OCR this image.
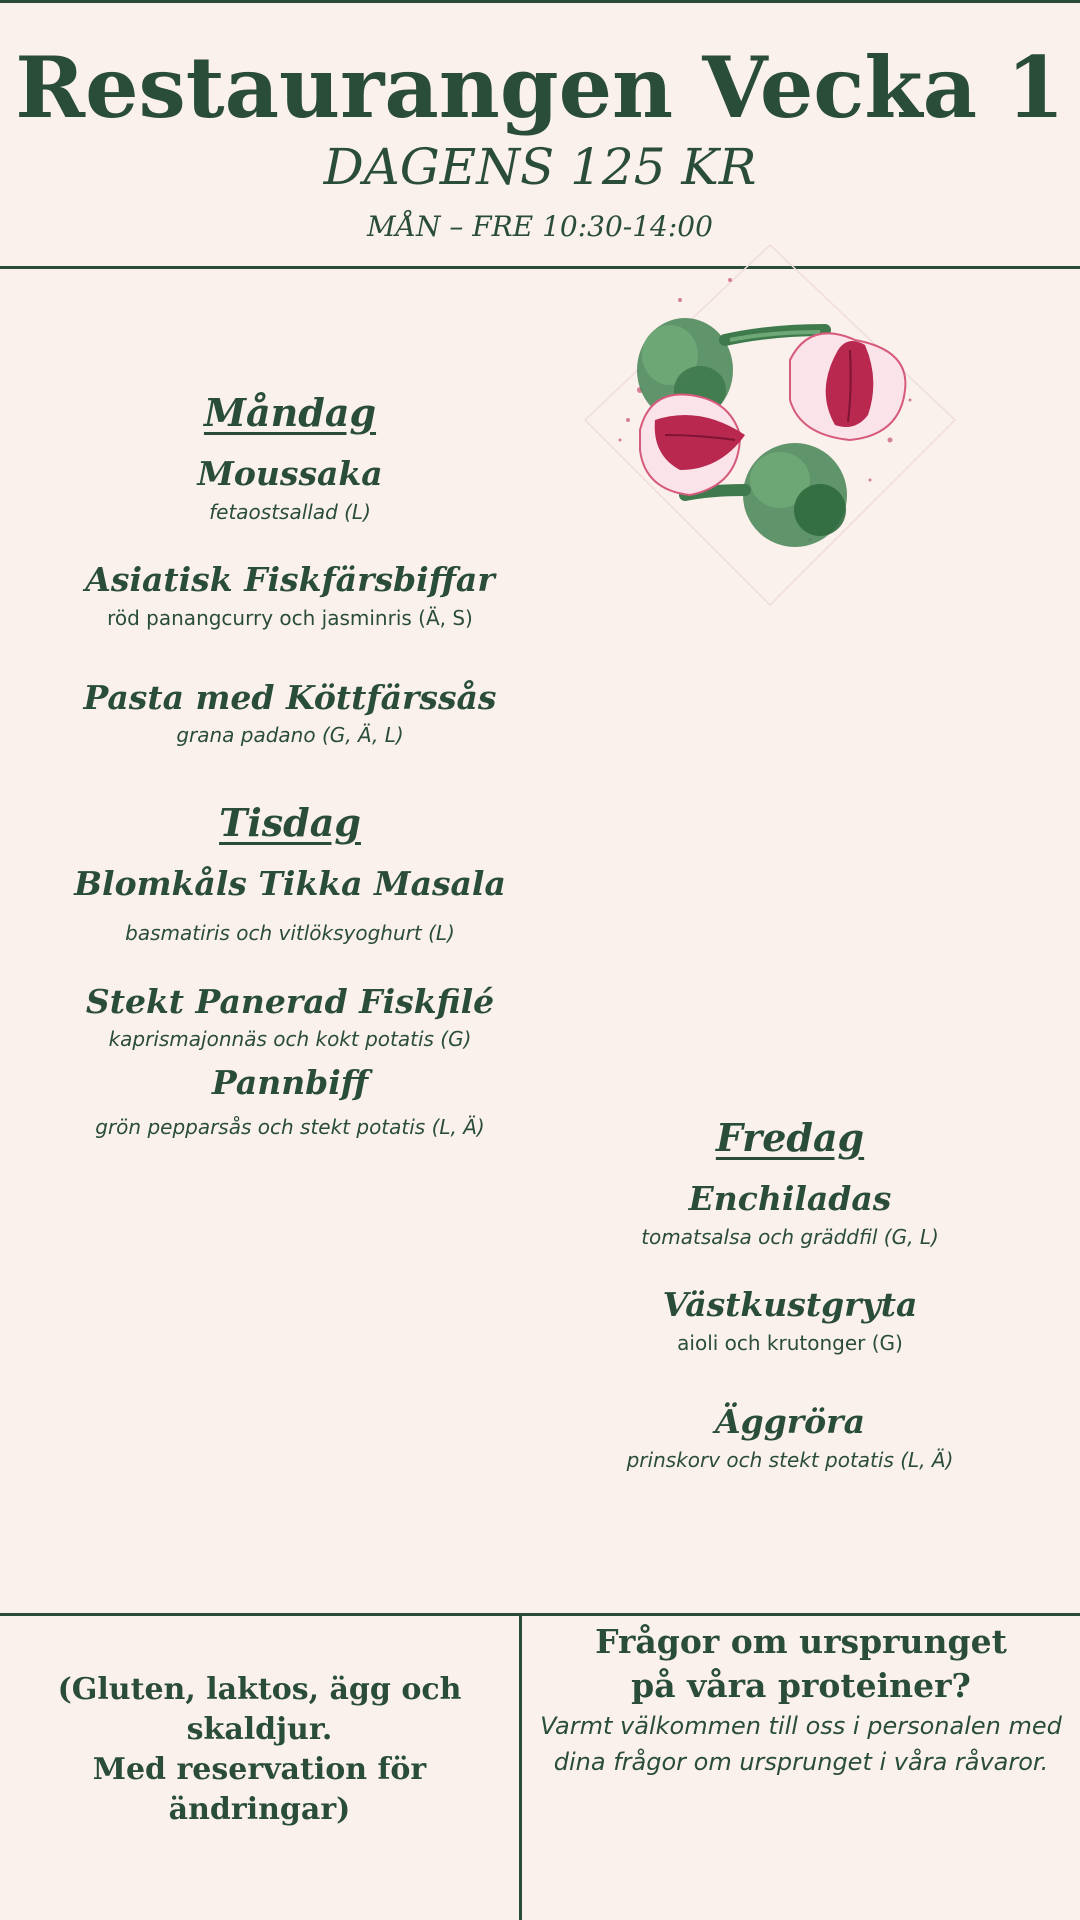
Restaurangen Vecka 1
DAGENS 125 KR
MÅN – FRE 10:30-14:00
Måndag
Moussaka
fetaostsallad (L)
Asiatisk Fiskfärsbiffar
röd panangcurry och jasminris (Ä, S)
Pasta med Köttfärssås
grana padano (G, Ä, L)
Tisdag
Blomkåls Tikka Masala
basmatiris och vitlöksyoghurt (L)
Stekt Panerad Fiskfilé
kaprismajonnäs och kokt potatis (G)
Pannbiff
grön pepparsås och stekt potatis (L, Ä)	Fredag
Enchiladas
tomatsalsa och gräddfil (G, L)
Västkustgryta
aioli och krutonger (G)
Äggröra
prinskorv och stekt potatis (L, Ä)
(Gluten, laktos, ägg och skaldjur.
Med reservation för ändringar)
Frågor om ursprunget
på våra proteiner?
Varmt välkommen till oss i personalen med
dina frågor om ursprunget i våra råvaror.
